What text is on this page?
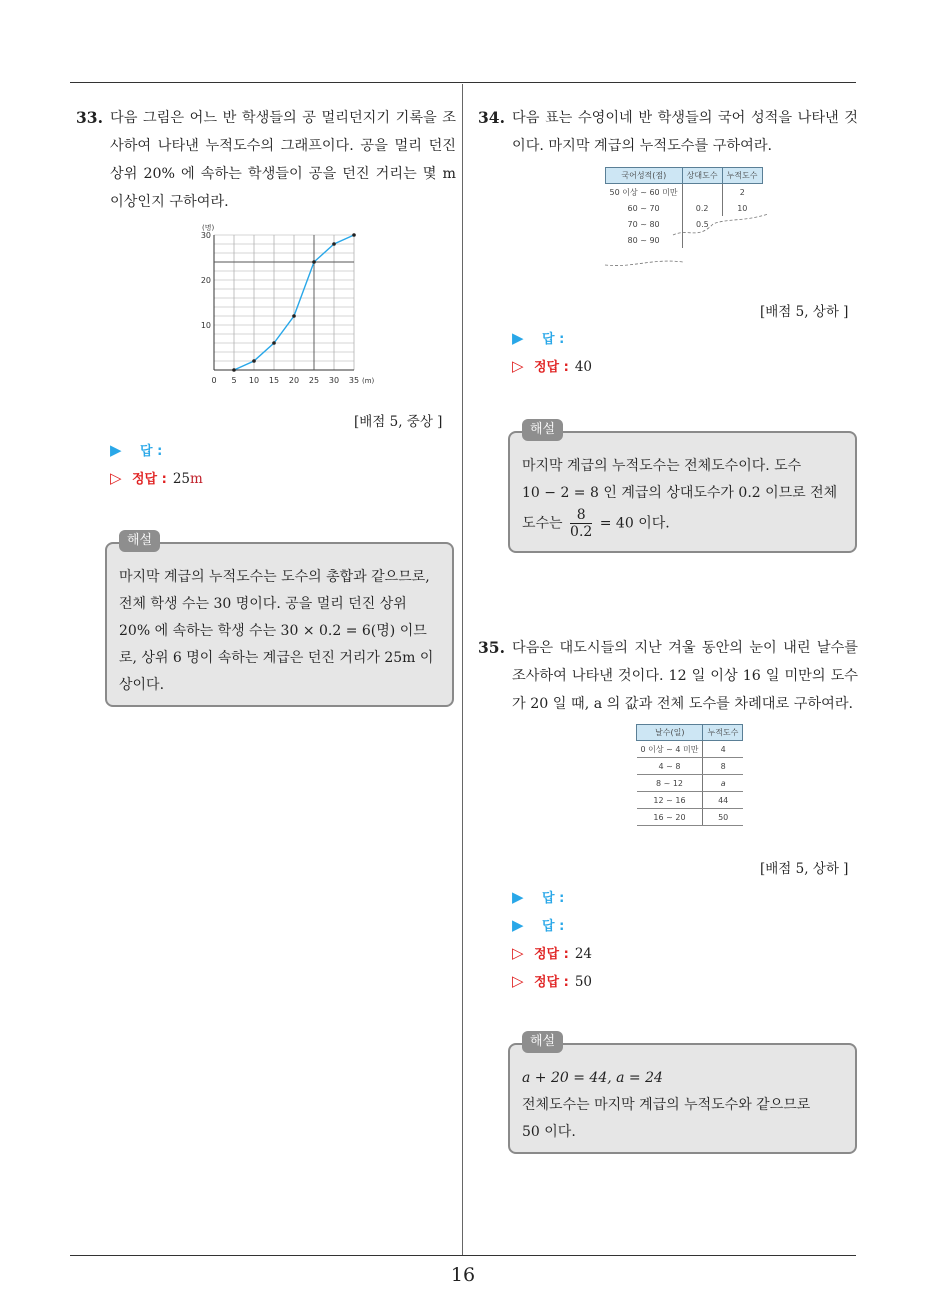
33. 다음 그림은 어느 반 학생들의 공 멀리던지기 기록을 조사하여 나타낸 누적도수의 그래프이다. 공을 멀리 던진 상위 20% 에 속하는 학생들이 공을 던진 거리는 몇 m 이상인지 구하여라.
0 5 10 15 20 25 30 35
10
20
30
(명)
(m)
[배점 5, 중상 ]
▶ 답 :
▷ 정답 : 25m
해설
마지막 계급의 누적도수는 도수의 총합과 같으므로, 전체 학생 수는 30 명이다. 공을 멀리 던진 상위 20% 에 속하는 학생 수는 30 × 0.2 = 6(명) 이므로, 상위 6 명이 속하는 계급은 던진 거리가 25m 이상이다.
34. 다음 표는 수영이네 반 학생들의 국어 성적을 나타낸 것이다. 마지막 계급의 누적도수를 구하여라.
국어성적(점)	상대도수	누적도수
50 이상 ~ 60 미만		2
60 ~ 70	0.2	10
70 ~ 80	0.5	
80 ~ 90		
[배점 5, 상하 ]
▶ 답 :
▷ 정답 : 40
해설
마지막 계급의 누적도수는 전체도수이다. 도수
10 − 2 = 8 인 계급의 상대도수가 0.2 이므로 전체
도수는 $\frac{8}{0.2} = 40$ 이다.
35. 다음은 대도시들의 지난 겨울 동안의 눈이 내린 날수를 조사하여 나타낸 것이다. 12 일 이상 16 일 미만의 도수가 20 일 때, a 의 값과 전체 도수를 차례대로 구하여라.
날수(일)	누적도수
0 이상 ~ 4 미만	4
4 ~ 8	8
8 ~ 12	a
12 ~ 16	44
16 ~ 20	50
[배점 5, 상하 ]
▶ 답 :
▶ 답 :
▷ 정답 : 24
▷ 정답 : 50
해설
a + 20 = 44, a = 24
전체도수는 마지막 계급의 누적도수와 같으므로
50 이다.
16
